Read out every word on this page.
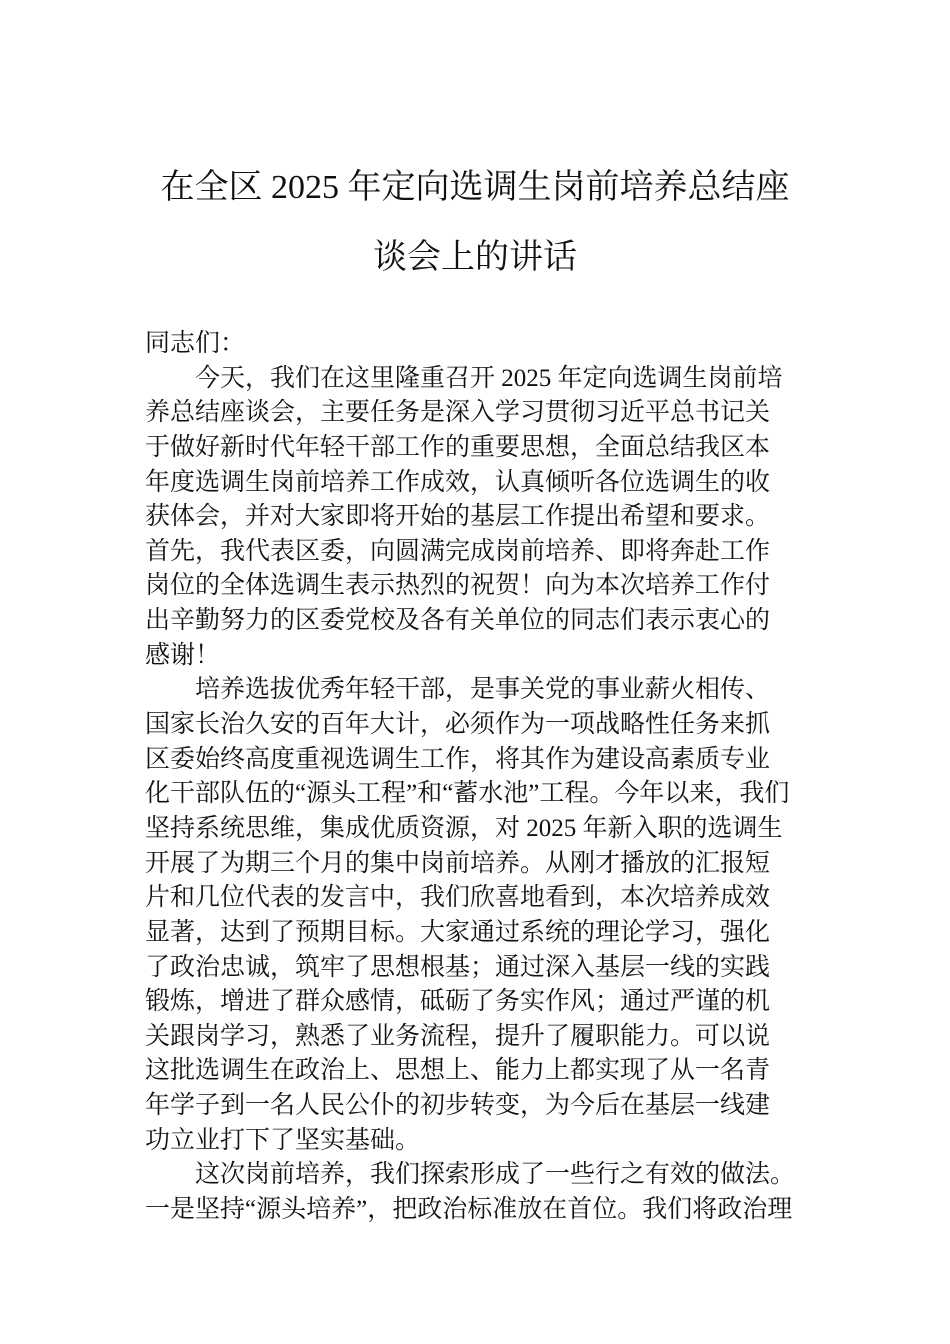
在全区 2025 年定向选调生岗前培养总结座
谈会上的讲话
同志们：
今天，我们在这里隆重召开 2025 年定向选调生岗前培
养总结座谈会，主要任务是深入学习贯彻习近平总书记关
于做好新时代年轻干部工作的重要思想，全面总结我区本
年度选调生岗前培养工作成效，认真倾听各位选调生的收
获体会，并对大家即将开始的基层工作提出希望和要求。
首先，我代表区委，向圆满完成岗前培养、即将奔赴工作
岗位的全体选调生表示热烈的祝贺！向为本次培养工作付
出辛勤努力的区委党校及各有关单位的同志们表示衷心的
感谢！
培养选拔优秀年轻干部，是事关党的事业薪火相传、
国家长治久安的百年大计，必须作为一项战略性任务来抓
区委始终高度重视选调生工作，将其作为建设高素质专业
化干部队伍的“源头工程”和“蓄水池”工程。今年以来，我们
坚持系统思维，集成优质资源，对 2025 年新入职的选调生
开展了为期三个月的集中岗前培养。从刚才播放的汇报短
片和几位代表的发言中，我们欣喜地看到，本次培养成效
显著，达到了预期目标。大家通过系统的理论学习，强化
了政治忠诚，筑牢了思想根基；通过深入基层一线的实践
锻炼，增进了群众感情，砥砺了务实作风；通过严谨的机
关跟岗学习，熟悉了业务流程，提升了履职能力。可以说
这批选调生在政治上、思想上、能力上都实现了从一名青
年学子到一名人民公仆的初步转变，为今后在基层一线建
功立业打下了坚实基础。
这次岗前培养，我们探索形成了一些行之有效的做法。
一是坚持“源头培养”，把政治标准放在首位。我们将政治理
